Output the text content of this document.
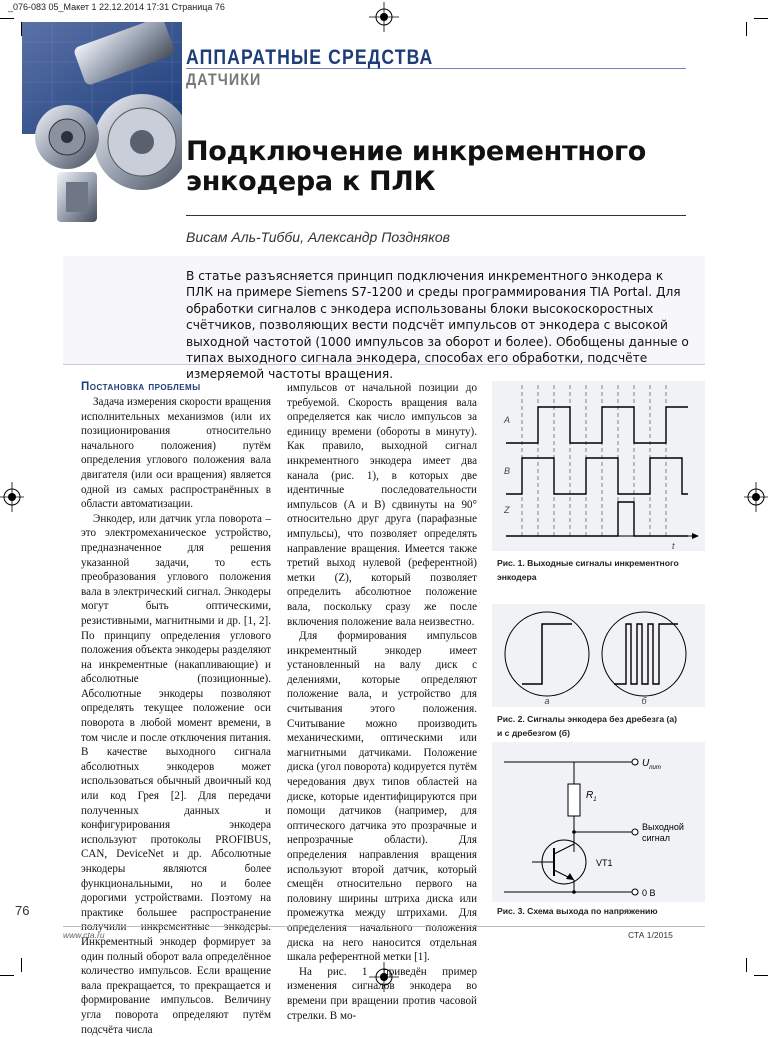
_076-083 05_Макет 1 22.12.2014 17:31 Страница 76
АППАРАТНЫЕ СРЕДСТВА
ДАТЧИКИ
Подключение инкрементного
энкодера к ПЛК
Висам Аль-Тибби, Александр Поздняков
В статье разъясняется принцип подключения инкрементного энкодера к ПЛК на примере Siemens S7-1200 и среды программирования TIA Portal. Для обработки сигналов с энкодера использованы блоки высокоскоростных счётчиков, позволяющих вести подсчёт импульсов от энкодера с высокой выходной частотой (1000 импульсов за оборот и более). Обобщены данные о типах выходного сигнала энкодера, способах его обработки, подсчёте измеряемой частоты вращения.
Постановка проблемы

Задача измерения скорости вращения исполнительных механизмов (или их позиционирования относительно начального положения) путём определения углового положения вала двигателя (или оси вращения) является одной из самых распространённых в области автоматизации.

Энкодер, или датчик угла поворота – это электромеханическое устройство, предназначенное для решения указанной задачи, то есть преобразования углового положения вала в электрический сигнал. Энкодеры могут быть оптическими, резистивными, магнитными и др. [1, 2]. По принципу определения углового положения объекта энкодеры разделяют на инкрементные (накапливающие) и абсолютные (позиционные). Абсолютные энкодеры позволяют определять текущее положение оси поворота в любой момент времени, в том числе и после отключения питания. В качестве выходного сигнала абсолютных энкодеров может использоваться обычный двоичный код или код Грея [2]. Для передачи полученных данных и конфигурирования энкодера используют протоколы PROFIBUS, CAN, DeviceNet и др. Абсолютные энкодеры являются более функциональными, но и более дорогими устройствами. Поэтому на практике большее распространение получили инкрементные энкодеры. Инкрементный энкодер формирует за один полный оборот вала определённое количество импульсов. Если вращение вала прекращается, то прекращается и формирование импульсов. Величину угла поворота определяют путём подсчёта числа

импульсов от начальной позиции до требуемой. Скорость вращения вала определяется как число импульсов за единицу времени (обороты в минуту). Как правило, выходной сигнал инкрементного энкодера имеет два канала (рис. 1), в которых две идентичные последовательности импульсов (A и B) сдвинуты на 90° относительно друг друга (парафазные импульсы), что позволяет определять направление вращения. Имеется также третий выход нулевой (референтной) метки (Z), который позволяет определить абсолютное положение вала, поскольку сразу же после включения положение вала неизвестно.

Для формирования импульсов инкрементный энкодер имеет установленный на валу диск с делениями, которые определяют положение вала, и устройство для считывания этого положения. Считывание можно производить механическими, оптическими или магнитными датчиками. Положение диска (угол поворота) кодируется путём чередования двух типов областей на диске, которые идентифицируются при помощи датчиков (например, для оптического датчика это прозрачные и непрозрачные области). Для определения направления вращения используют второй датчик, который смещён относительно первого на половину ширины штриха диска или промежутка между штрихами. Для определения начального положения диска на него наносится отдельная шкала референтной метки [1].

На рис. 1 приведён пример изменения сигналов энкодера во времени при вращении против часовой стрелки. В мо-

A
B
Z
t
Рис. 1. Выходные сигналы инкрементного
энкодера
а	б
Рис. 2. Сигналы энкодера без дребезга (а)
и с дребезгом (б)
$U_{пит}$
$R_1$
Выходной
сигнал
VT1
0 В
Рис. 3. Схема выхода по напряжению
76
www.cta.ru	СТА 1/2015
